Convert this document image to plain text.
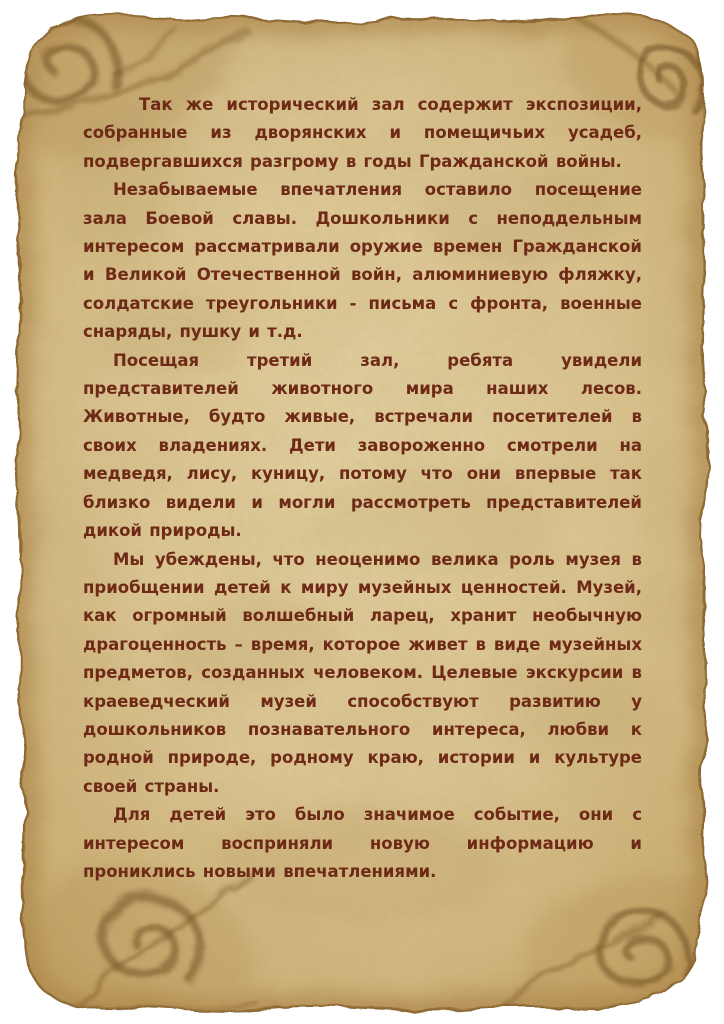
Так же исторический зал содержит экспозиции, собранные из дворянских и помещичьих усадеб, подвергавшихся разгрому в годы Гражданской войны.

Незабываемые впечатления оставило посещение зала Боевой славы. Дошкольники с неподдельным интересом рассматривали оружие времен Гражданской и Великой Отечественной войн, алюминиевую фляжку, солдатские треугольники - письма с фронта, военные снаряды, пушку и т.д.

Посещая третий зал, ребята увидели представителей животного мира наших лесов. Животные, будто живые, встречали посетителей в своих владениях. Дети завороженно смотрели на медведя, лису, куницу, потому что они впервые так близко видели и могли рассмотреть представителей дикой природы.

Мы убеждены, что неоценимо велика роль музея в приобщении детей к миру музейных ценностей. Музей, как огромный волшебный ларец, хранит необычную драгоценность – время, которое живет в виде музейных предметов, созданных человеком. Целевые экскурсии в краеведческий музей способствуют развитию у дошкольников познавательного интереса, любви к родной природе, родному краю, истории и культуре своей страны.

Для детей это было значимое событие, они с интересом восприняли новую информацию и прониклись новыми впечатлениями.
